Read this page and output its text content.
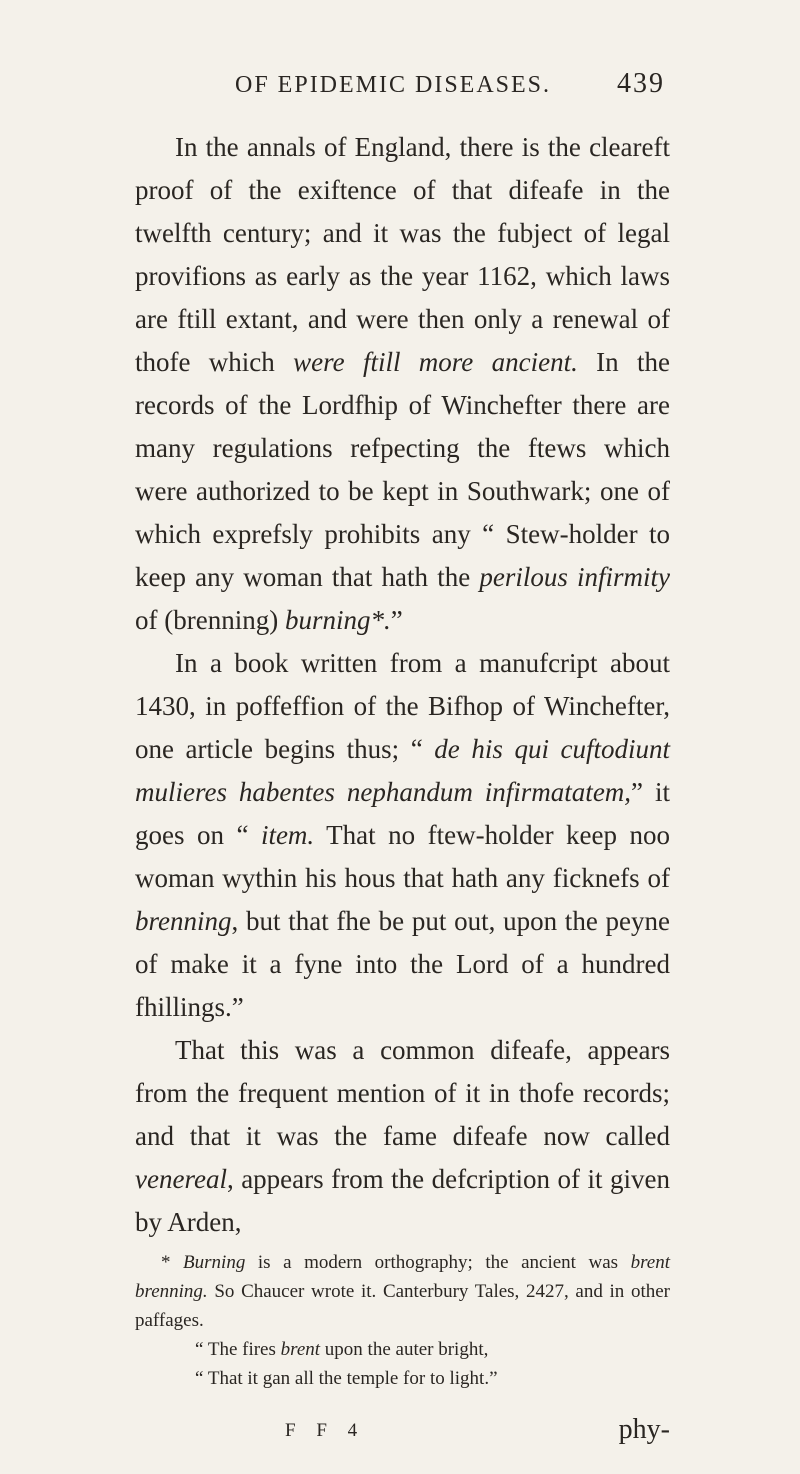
OF EPIDEMIC DISEASES. 439

In the annals of England, there is the cleareft proof of the exiftence of that difeafe in the twelfth century; and it was the fubject of legal provifions as early as the year 1162, which laws are ftill extant, and were then only a renewal of thofe which were ftill more ancient. In the records of the Lordfhip of Winchefter there are many regulations refpecting the ftews which were authorized to be kept in Southwark; one of which exprefsly prohibits any “ Stew-holder to keep any woman that hath the perilous infirmity of (brenning) burning*.”

In a book written from a manufcript about 1430, in poffeffion of the Bifhop of Winchefter, one article begins thus; “ de his qui cuftodiunt mulieres habentes nephandum infirmatatem,” it goes on “ item. That no ftew-holder keep noo woman wythin his hous that hath any ficknefs of brenning, but that fhe be put out, upon the peyne of make it a fyne into the Lord of a hundred fhillings.”

That this was a common difeafe, appears from the frequent mention of it in thofe records; and that it was the fame difeafe now called venereal, appears from the defcription of it given by Arden,

* Burning is a modern orthography; the ancient was brent brenning. So Chaucer wrote it. Canterbury Tales, 2427, and in other paffages.

“ The fires brent upon the auter bright,

“ That it gan all the temple for to light.”

F F 4	phy-
